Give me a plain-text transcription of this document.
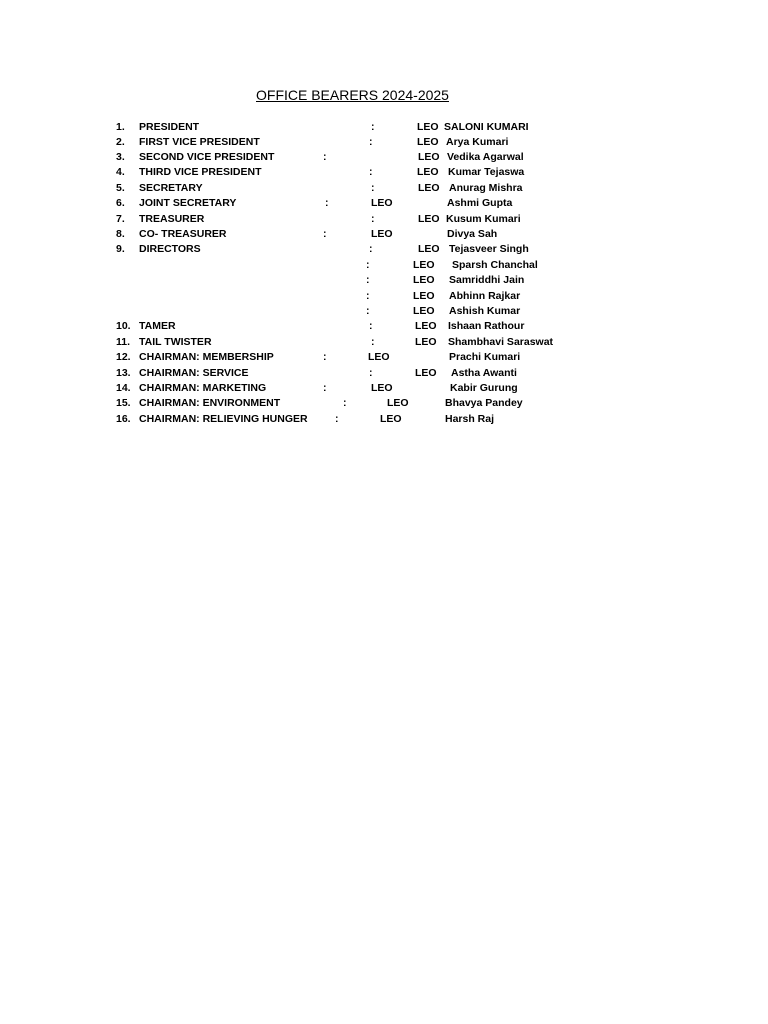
OFFICE BEARERS 2024-2025
1. PRESIDENT	:	LEO SALONI KUMARI
2. FIRST VICE PRESIDENT	:	LEO Arya Kumari
3. SECOND VICE PRESIDENT	:	LEO Vedika Agarwal
4. THIRD VICE PRESIDENT	:	LEO Kumar Tejaswa
5. SECRETARY	:	LEO Anurag Mishra
6. JOINT SECRETARY	:	LEO	Ashmi Gupta
7. TREASURER	:	LEO Kusum Kumari
8. CO- TREASURER	:	LEO	Divya Sah
9. DIRECTORS	:	LEO Tejasveer Singh
:	LEO Sparsh Chanchal
:	LEO Samriddhi Jain
:	LEO Abhinn Rajkar
:	LEO Ashish Kumar
10. TAMER	:	LEO Ishaan Rathour
11. TAIL TWISTER	:	LEO Shambhavi Saraswat
12. CHAIRMAN: MEMBERSHIP	:	LEO	Prachi Kumari
13. CHAIRMAN: SERVICE	:	LEO Astha Awanti
14. CHAIRMAN: MARKETING	:	LEO	Kabir Gurung
15. CHAIRMAN: ENVIRONMENT	:	LEO	Bhavya Pandey
16. CHAIRMAN: RELIEVING HUNGER	:	LEO	Harsh Raj
